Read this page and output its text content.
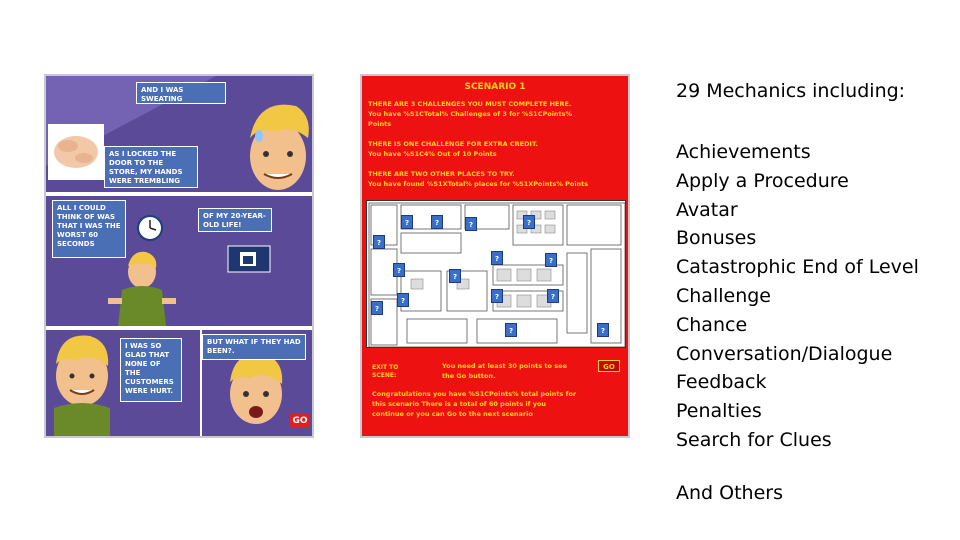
AND I WAS SWEATING
AS I LOCKED THE DOOR TO THE STORE, MY HANDS WERE TREMBLING
ALL I COULD THINK OF WAS THAT I WAS THE WORST 60 SECONDS
OF MY 20-YEAR-OLD LIFE!
I WAS SO GLAD THAT NONE OF THE CUSTOMERS WERE HURT.
BUT WHAT IF THEY HAD BEEN?.
GO
SCENARIO 1
THERE ARE 3 CHALLENGES YOU MUST COMPLETE HERE.
You have %S1CTotal% Challenges of 3 for %S1CPoints%
Points
THERE IS ONE CHALLENGE FOR EXTRA CREDIT.
You have %S1C4% Out of 10 Points
THERE ARE TWO OTHER PLACES TO TRY.
You have found %S1XTotal% places for %S1XPoints% Points
?	?	?	?
?
?	?
?
?
?	?	?
?
?	?
EXIT TO SCENE:
You need at least 30 points to see
the Go button.
GO
Congratulations you have %S1CPoints% total points for
this scenario There is a total of 60 points if you
continue or you can Go to the next scenario
29 Mechanics including:
Achievements
Apply a Procedure
Avatar
Bonuses
Catastrophic End of Level
Challenge
Chance
Conversation/Dialogue
Feedback
Penalties
Search for Clues
And Others
